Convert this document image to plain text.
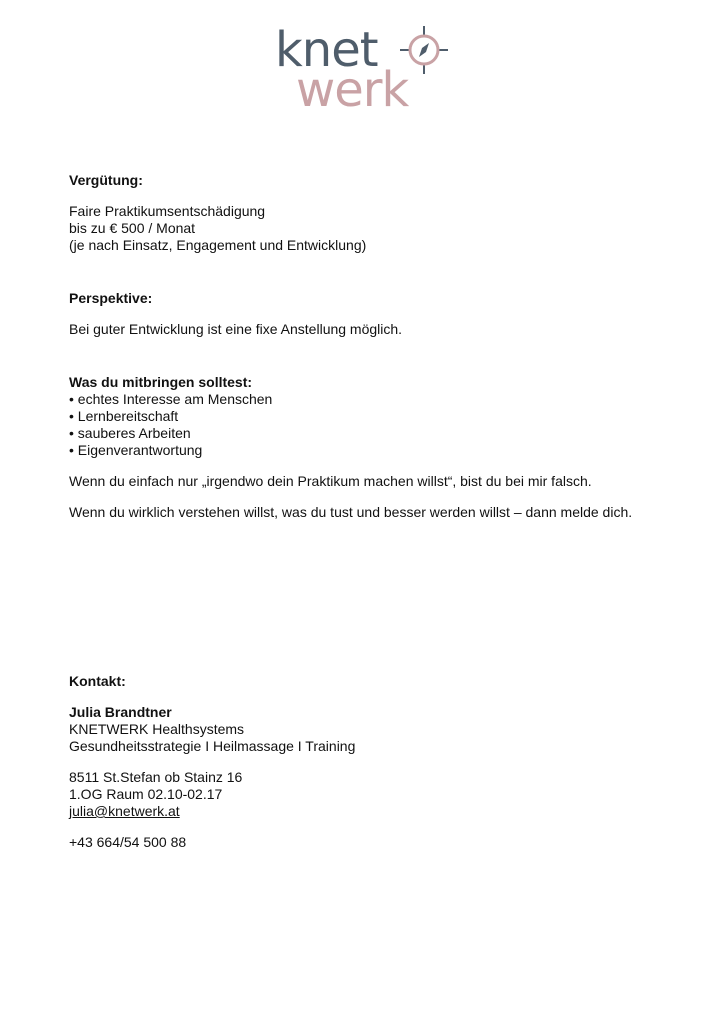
knet
werk

Vergütung:

Faire Praktikumsentschädigung

bis zu € 500 / Monat

(je nach Einsatz, Engagement und Entwicklung)

Perspektive:

Bei guter Entwicklung ist eine fixe Anstellung möglich.

Was du mitbringen solltest:

• echtes Interesse am Menschen
• Lernbereitschaft
• sauberes Arbeiten
• Eigenverantwortung

Wenn du einfach nur „irgendwo dein Praktikum machen willst“, bist du bei mir falsch.

Wenn du wirklich verstehen willst, was du tust und besser werden willst – dann melde dich.

Kontakt:

Julia Brandtner

KNETWERK Healthsystems

Gesundheitsstrategie I Heilmassage I Training

8511 St.Stefan ob Stainz 16

1.OG Raum 02.10-02.17

julia@knetwerk.at

+43 664/54 500 88
